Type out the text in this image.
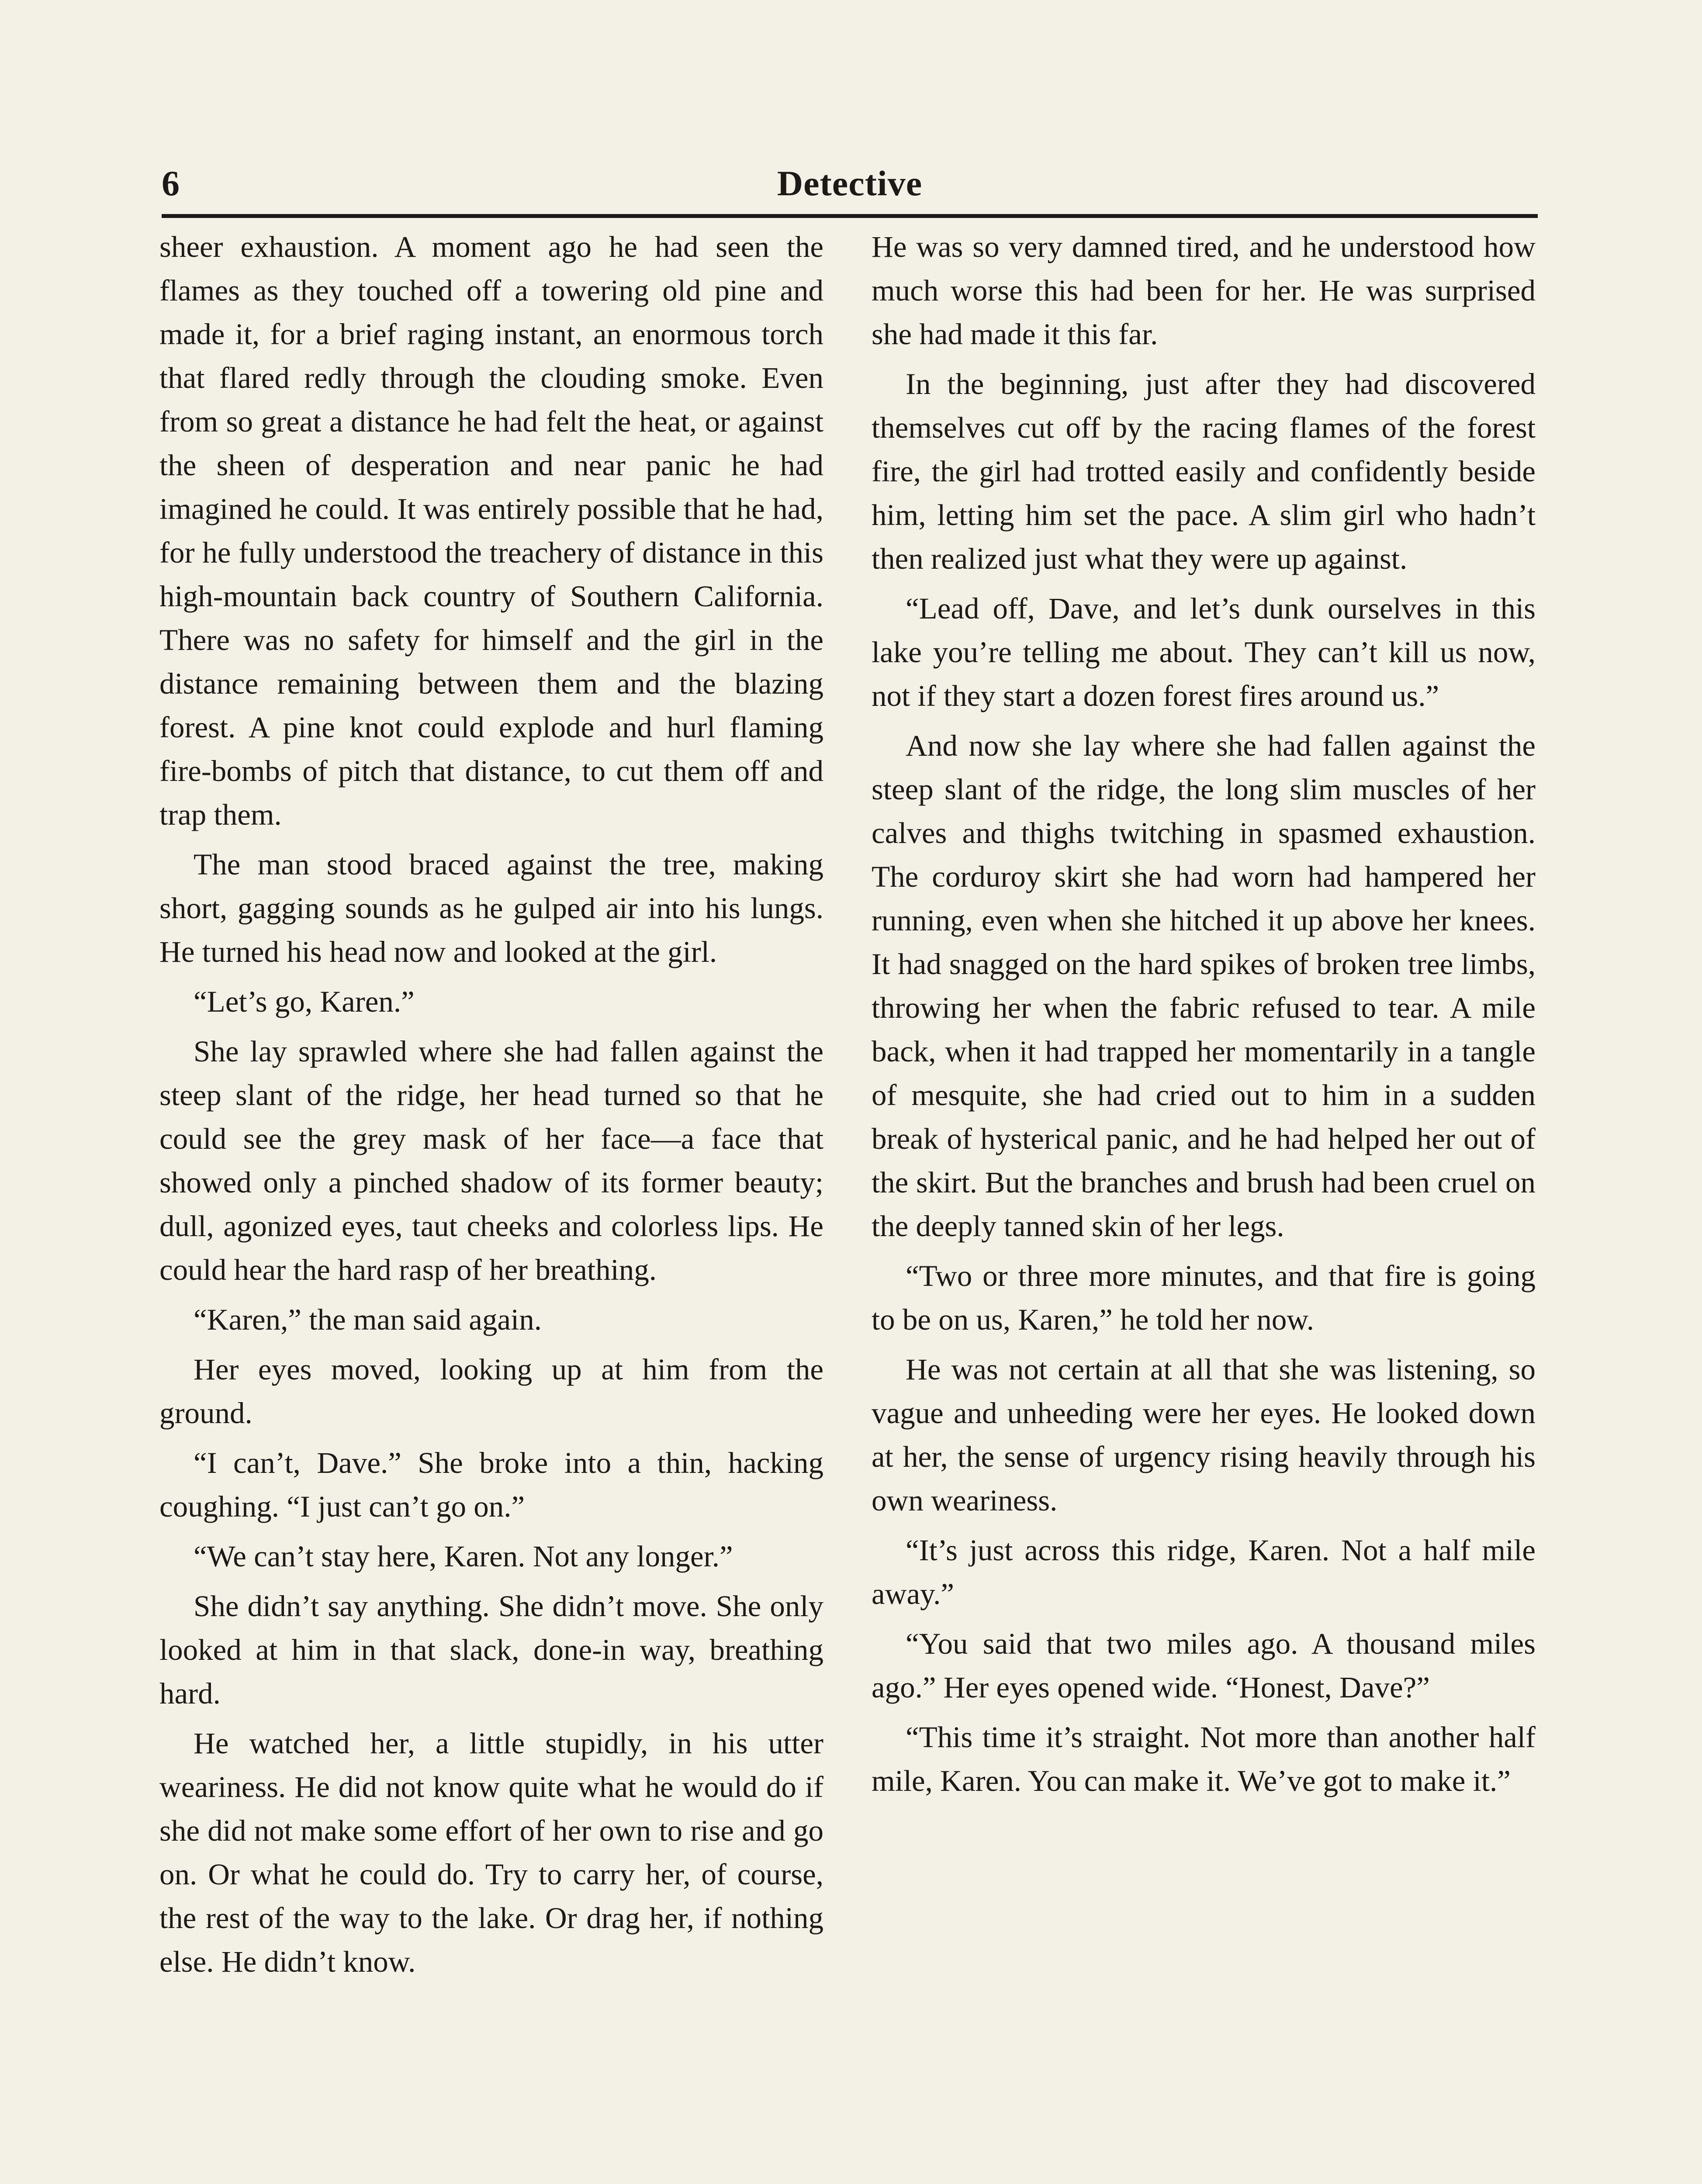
6	Detective

sheer exhaustion. A moment ago he had seen the flames as they touched off a towering old pine and made it, for a brief raging instant, an enormous torch that flared redly through the clouding smoke. Even from so great a distance he had felt the heat, or against the sheen of desperation and near panic he had imagined he could. It was entirely possible that he had, for he fully understood the treachery of distance in this high-mountain back country of Southern California. There was no safety for himself and the girl in the distance remaining between them and the blazing forest. A pine knot could explode and hurl flaming fire-bombs of pitch that distance, to cut them off and trap them.

The man stood braced against the tree, making short, gagging sounds as he gulped air into his lungs. He turned his head now and looked at the girl.

“Let’s go, Karen.”

She lay sprawled where she had fallen against the steep slant of the ridge, her head turned so that he could see the grey mask of her face—a face that showed only a pinched shadow of its former beauty; dull, agonized eyes, taut cheeks and colorless lips. He could hear the hard rasp of her breathing.

“Karen,” the man said again.

Her eyes moved, looking up at him from the ground.

“I can’t, Dave.” She broke into a thin, hacking coughing. “I just can’t go on.”

“We can’t stay here, Karen. Not any longer.”

She didn’t say anything. She didn’t move. She only looked at him in that slack, done-in way, breathing hard.

He watched her, a little stupidly, in his utter weariness. He did not know quite what he would do if she did not make some effort of her own to rise and go on. Or what he could do. Try to carry her, of course, the rest of the way to the lake. Or drag her, if nothing else. He didn’t know.

He was so very damned tired, and he understood how much worse this had been for her. He was surprised she had made it this far.

In the beginning, just after they had discovered themselves cut off by the racing flames of the forest fire, the girl had trotted easily and confidently beside him, letting him set the pace. A slim girl who hadn’t then realized just what they were up against.

“Lead off, Dave, and let’s dunk ourselves in this lake you’re telling me about. They can’t kill us now, not if they start a dozen forest fires around us.”

And now she lay where she had fallen against the steep slant of the ridge, the long slim muscles of her calves and thighs twitching in spasmed exhaustion. The corduroy skirt she had worn had hampered her running, even when she hitched it up above her knees. It had snagged on the hard spikes of broken tree limbs, throwing her when the fabric refused to tear. A mile back, when it had trapped her momentarily in a tangle of mesquite, she had cried out to him in a sudden break of hysterical panic, and he had helped her out of the skirt. But the branches and brush had been cruel on the deeply tanned skin of her legs.

“Two or three more minutes, and that fire is going to be on us, Karen,” he told her now.

He was not certain at all that she was listening, so vague and unheeding were her eyes. He looked down at her, the sense of urgency rising heavily through his own weariness.

“It’s just across this ridge, Karen. Not a half mile away.”

“You said that two miles ago. A thousand miles ago.” Her eyes opened wide. “Honest, Dave?”

“This time it’s straight. Not more than another half mile, Karen. You can make it. We’ve got to make it.”
